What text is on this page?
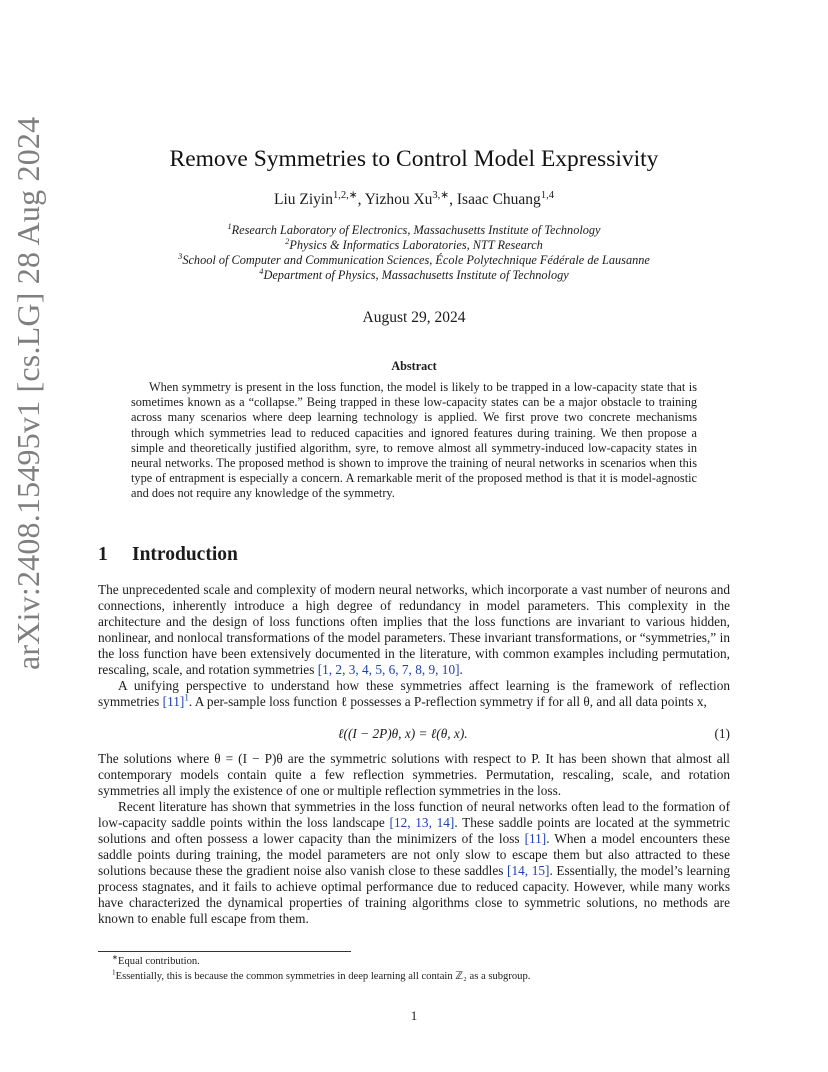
arXiv:2408.15495v1 [cs.LG] 28 Aug 2024	Remove Symmetries to Control Model Expressivity
Liu Ziyin$^{1,2,∗}$, Yizhou $Xu^{3,∗}$, Isaac Chuang$^{1,4}$
$^1$Research Laboratory of Electronics, Massachusetts Institute of Technology
$^2$Physics & Informatics Laboratories, NTT Research
$^3$School of Computer and Communication Sciences, École Polytechnique Fédérale de Lausanne
$^4$Department of Physics, Massachusetts Institute of Technology
August 29, 2024
Abstract
When symmetry is present in the loss function, the model is likely to be trapped in a low-capacity state that is sometimes known as a “collapse.” Being trapped in these low-capacity states can be a major obstacle to training across many scenarios where deep learning technology is applied. We first prove two concrete mechanisms through which symmetries lead to reduced capacities and ignored features during training. We then propose a simple and theoretically justified algorithm, syre, to remove almost all symmetry-induced low-capacity states in neural networks. The proposed method is shown to improve the training of neural networks in scenarios when this type of entrapment is especially a concern. A remarkable merit of the proposed method is that it is model-agnostic and does not require any knowledge of the symmetry.
1 Introduction

The unprecedented scale and complexity of modern neural networks, which incorporate a vast number of neurons and connections, inherently introduce a high degree of redundancy in model parameters. This complexity in the architecture and the design of loss functions often implies that the loss functions are invariant to various hidden, nonlinear, and nonlocal transformations of the model parameters. These invariant transformations, or “symmetries,” in the loss function have been extensively documented in the literature, with common examples including permutation, rescaling, scale, and rotation symmetries [1, 2, 3, 4, 5, 6, 7, 8, 9, 10].

A unifying perspective to understand how these symmetries affect learning is the framework of reflection symmetries [11]$^1$. A per-sample loss function ℓ possesses a P-reflection symmetry if for all θ, and all data points x,

ℓ((I − 2P)θ, x) = ℓ(θ, x).	(1)

The solutions where θ = (I − P)θ are the symmetric solutions with respect to P. It has been shown that almost all contemporary models contain quite a few reflection symmetries. Permutation, rescaling, scale, and rotation symmetries all imply the existence of one or multiple reflection symmetries in the loss.

Recent literature has shown that symmetries in the loss function of neural networks often lead to the formation of low-capacity saddle points within the loss landscape [12, 13, 14]. These saddle points are located at the symmetric solutions and often possess a lower capacity than the minimizers of the loss [11]. When a model encounters these saddle points during training, the model parameters are not only slow to escape them but also attracted to these solutions because these the gradient noise also vanish close to these saddles [14, 15]. Essentially, the model’s learning process stagnates, and it fails to achieve optimal performance due to reduced capacity. However, while many works have characterized the dynamical properties of training algorithms close to symmetric solutions, no methods are known to enable full escape from them.

∗Equal contribution.
$^1$Essentially, this is because the common symmetries in deep learning all contain ℤ₂ as a subgroup.
1
